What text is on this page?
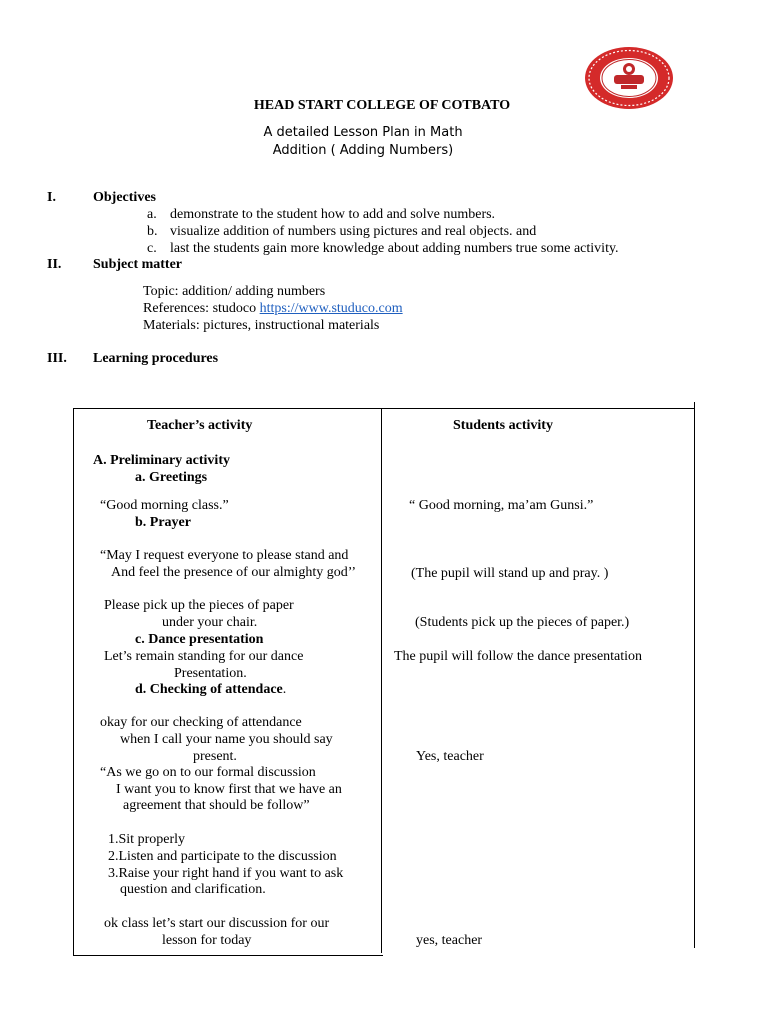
HEAD START COLLEGE OF COTBATO
A detailed Lesson Plan in Math
Addition ( Adding Numbers)
I.	Objectives
a. demonstrate to the student how to add and solve numbers.
b. visualize addition of numbers using pictures and real objects. and
c. last the students gain more knowledge about adding numbers true some activity.
II. Subject matter
Topic: addition/ adding numbers
References: studoco https://www.studuco.com
Materials: pictures, instructional materials
III. Learning procedures
Teacher’s activity	Students activity
A. Preliminary activity
a. Greetings
“Good morning class.”
b. Prayer
“May I request everyone to please stand and
And feel the presence of our almighty god’’
Please pick up the pieces of paper
under your chair.
c. Dance presentation
Let’s remain standing for our dance
Presentation.
d. Checking of attendace.
okay for our checking of attendance
when I call your name you should say
present.
“As we go on to our formal discussion
I want you to know first that we have an
agreement that should be follow”
1.Sit properly
2.Listen and participate to the discussion
3.Raise your right hand if you want to ask
question and clarification.
ok class let’s start our discussion for our
lesson for today
“ Good morning, ma’am Gunsi.”
(The pupil will stand up and pray. )
(Students pick up the pieces of paper.)
The pupil will follow the dance presentation
Yes, teacher
yes, teacher
